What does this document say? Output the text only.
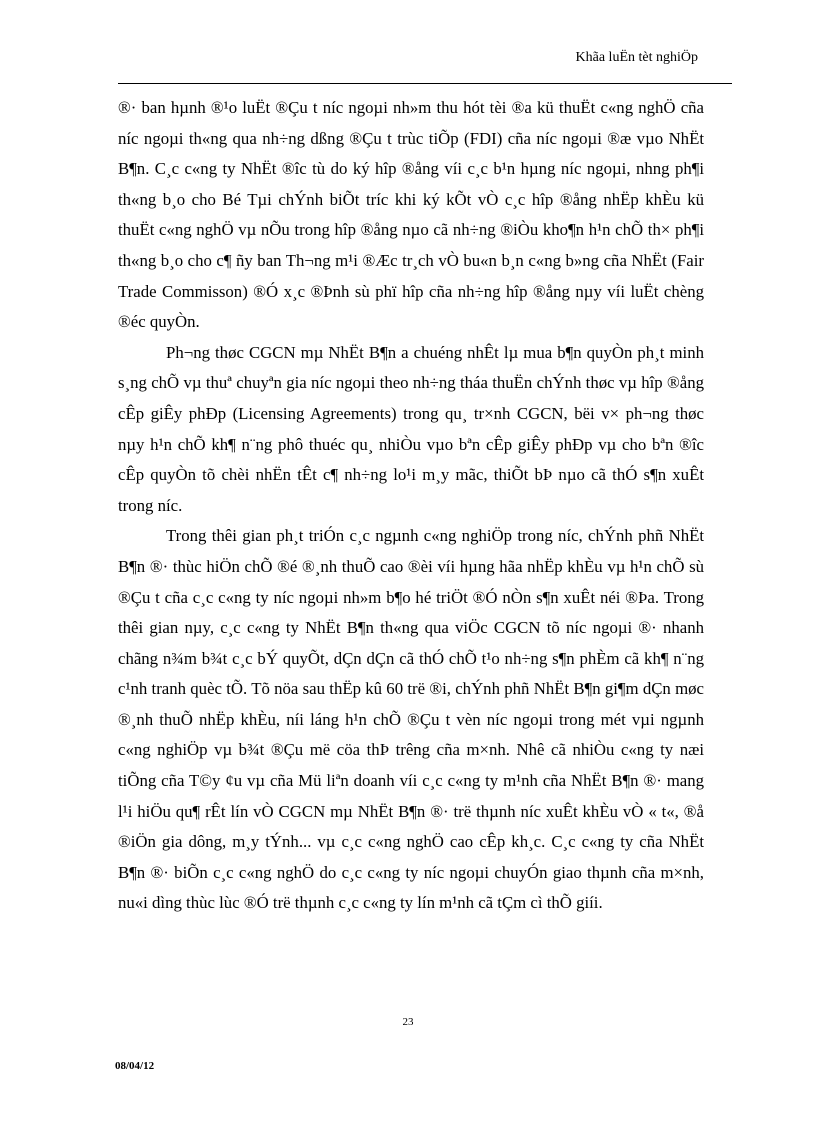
Khãa luËn tèt nghiÖp

®· ban hµnh ®¹o luËt ®Çu t níc ngoµi nh»m thu hót tèi ®a kü thuËt c«ng nghÖ cña níc ngoµi th«ng qua nh÷ng dßng ®Çu t trùc tiÕp (FDI) cña níc ngoµi ®æ vµo NhËt B¶n. C¸c c«ng ty NhËt ®îc tù do ký hîp ®ång víi c¸c b¹n hµng níc ngoµi, nhng ph¶i th«ng b¸o cho Bé Tµi chÝnh biÕt tríc khi ký kÕt vÒ c¸c hîp ®ång nhËp khÈu kü thuËt c«ng nghÖ vµ nÕu trong hîp ®ång nµo cã nh÷ng ®iÒu kho¶n h¹n chÕ th× ph¶i th«ng b¸o cho c¶ ñy ban Th¬ng m¹i ®Æc tr¸ch vÒ bu«n b¸n c«ng b»ng cña NhËt (Fair Trade Commisson) ®Ó x¸c ®Þnh sù phï hîp cña nh÷ng hîp ®ång nµy víi luËt chèng ®éc quyÒn.

Ph¬ng thøc CGCN mµ NhËt B¶n a chuéng nhÊt lµ mua b¶n quyÒn ph¸t minh s¸ng chÕ vµ thuª chuyªn gia níc ngoµi theo nh÷ng tháa thuËn chÝnh thøc vµ hîp ®ång cÊp giÊy phÐp (Licensing Agreements) trong qu¸ tr×nh CGCN, bëi v× ph¬ng thøc nµy h¹n chÕ kh¶ n¨ng phô thuéc qu¸ nhiÒu vµo bªn cÊp giÊy phÐp vµ cho bªn ®îc cÊp quyÒn tõ chèi nhËn tÊt c¶ nh÷ng lo¹i m¸y mãc, thiÕt bÞ nµo cã thÓ s¶n xuÊt trong níc.

Trong thêi gian ph¸t triÓn c¸c ngµnh c«ng nghiÖp trong níc, chÝnh phñ NhËt B¶n ®· thùc hiÖn chÕ ®é ®¸nh thuÕ cao ®èi víi hµng hãa nhËp khÈu vµ h¹n chÕ sù ®Çu t cña c¸c c«ng ty níc ngoµi nh»m b¶o hé triÖt ®Ó nÒn s¶n xuÊt néi ®Þa. Trong thêi gian nµy, c¸c c«ng ty NhËt B¶n th«ng qua viÖc CGCN tõ níc ngoµi ®· nhanh chãng n¾m b¾t c¸c bÝ quyÕt, dÇn dÇn cã thÓ chÕ t¹o nh÷ng s¶n phÈm cã kh¶ n¨ng c¹nh tranh quèc tÕ. Tõ nöa sau thËp kû 60 trë ®i, chÝnh phñ NhËt B¶n gi¶m dÇn møc ®¸nh thuÕ nhËp khÈu, níi láng h¹n chÕ ®Çu t vèn níc ngoµi trong mét vµi ngµnh c«ng nghiÖp vµ b¾t ®Çu më cöa thÞ trêng cña m×nh. Nhê cã nhiÒu c«ng ty næi tiÕng cña T©y ¢u vµ cña Mü liªn doanh víi c¸c c«ng ty m¹nh cña NhËt B¶n ®· mang l¹i hiÖu qu¶ rÊt lín vÒ CGCN mµ NhËt B¶n ®· trë thµnh níc xuÊt khÈu vÒ « t«, ®å ®iÖn gia dông, m¸y tÝnh... vµ c¸c c«ng nghÖ cao cÊp kh¸c. C¸c c«ng ty cña NhËt B¶n ®· biÕn c¸c c«ng nghÖ do c¸c c«ng ty níc ngoµi chuyÓn giao thµnh cña m×nh, nu«i dìng thùc lùc ®Ó trë thµnh c¸c c«ng ty lín m¹nh cã tÇm cì thÕ giíi.

23
08/04/12
